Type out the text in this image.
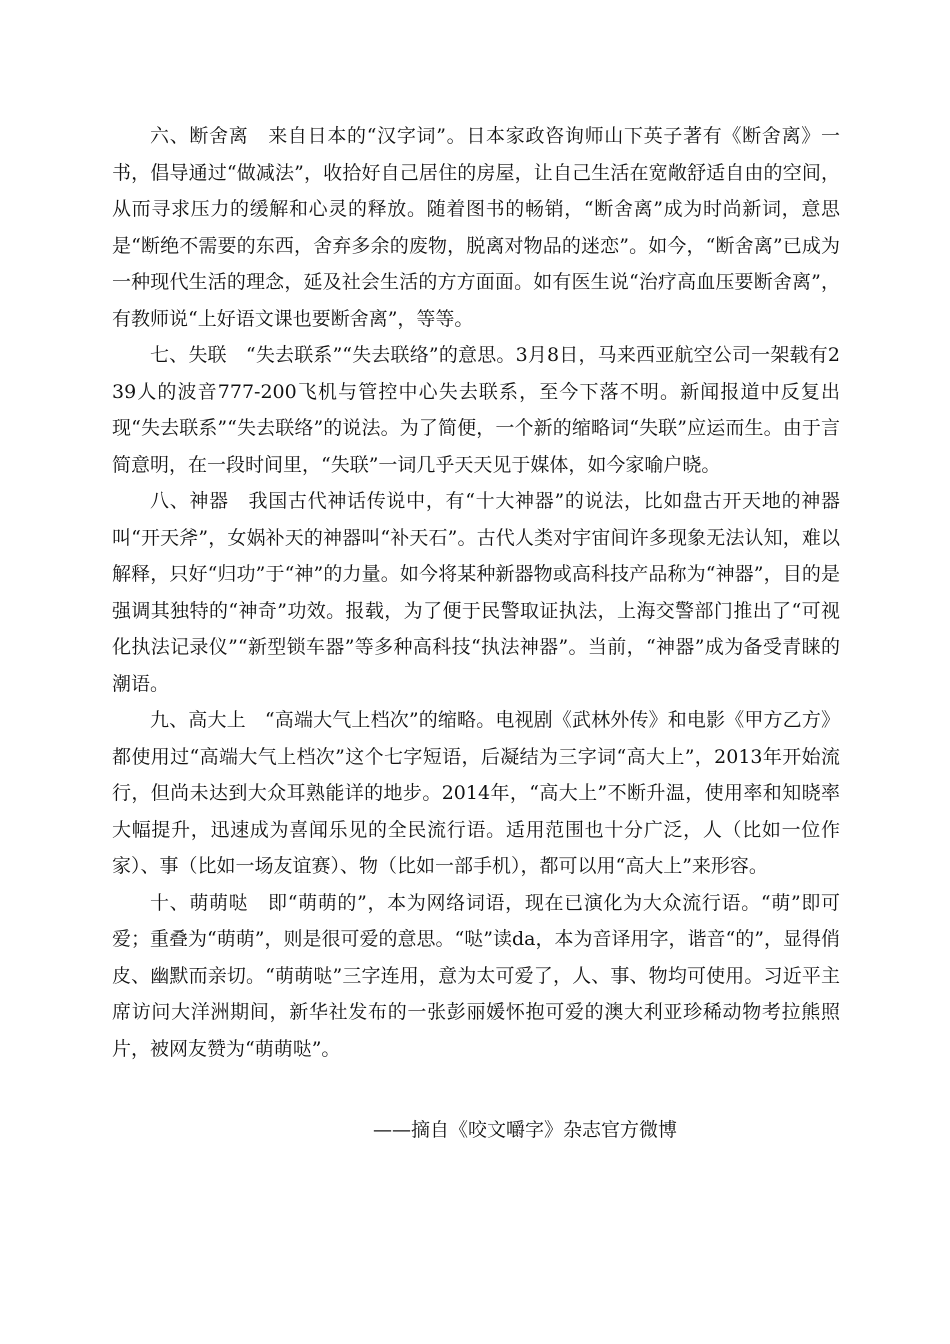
六、断舍离　来自日本的“汉字词”。日本家政咨询师山下英子著有《断舍离》一书，倡导通过“做减法”，收拾好自己居住的房屋，让自己生活在宽敞舒适自由的空间，从而寻求压力的缓解和心灵的释放。随着图书的畅销，“断舍离”成为时尚新词，意思是“断绝不需要的东西，舍弃多余的废物，脱离对物品的迷恋”。如今，“断舍离”已成为一种现代生活的理念，延及社会生活的方方面面。如有医生说“治疗高血压要断舍离”，有教师说“上好语文课也要断舍离”，等等。

七、失联　“失去联系”“失去联络”的意思。3月8日，马来西亚航空公司一架载有239人的波音777-200飞机与管控中心失去联系，至今下落不明。新闻报道中反复出现“失去联系”“失去联络”的说法。为了简便，一个新的缩略词“失联”应运而生。由于言简意明，在一段时间里，“失联”一词几乎天天见于媒体，如今家喻户晓。

八、神器　我国古代神话传说中，有“十大神器”的说法，比如盘古开天地的神器叫“开天斧”，女娲补天的神器叫“补天石”。古代人类对宇宙间许多现象无法认知，难以解释，只好“归功”于“神”的力量。如今将某种新器物或高科技产品称为“神器”，目的是强调其独特的“神奇”功效。报载，为了便于民警取证执法，上海交警部门推出了“可视化执法记录仪”“新型锁车器”等多种高科技“执法神器”。当前，“神器”成为备受青睐的潮语。

九、高大上　“高端大气上档次”的缩略。电视剧《武林外传》和电影《甲方乙方》都使用过“高端大气上档次”这个七字短语，后凝结为三字词“高大上”，2013年开始流行，但尚未达到大众耳熟能详的地步。2014年，“高大上”不断升温，使用率和知晓率大幅提升，迅速成为喜闻乐见的全民流行语。适用范围也十分广泛，人（比如一位作家）、事（比如一场友谊赛）、物（比如一部手机），都可以用“高大上”来形容。

十、萌萌哒　即“萌萌的”，本为网络词语，现在已演化为大众流行语。“萌”即可爱；重叠为“萌萌”，则是很可爱的意思。“哒”读da，本为音译用字，谐音“的”，显得俏皮、幽默而亲切。“萌萌哒”三字连用，意为太可爱了，人、事、物均可使用。习近平主席访问大洋洲期间，新华社发布的一张彭丽媛怀抱可爱的澳大利亚珍稀动物考拉熊照片，被网友赞为“萌萌哒”。

——摘自《咬文嚼字》杂志官方微博
